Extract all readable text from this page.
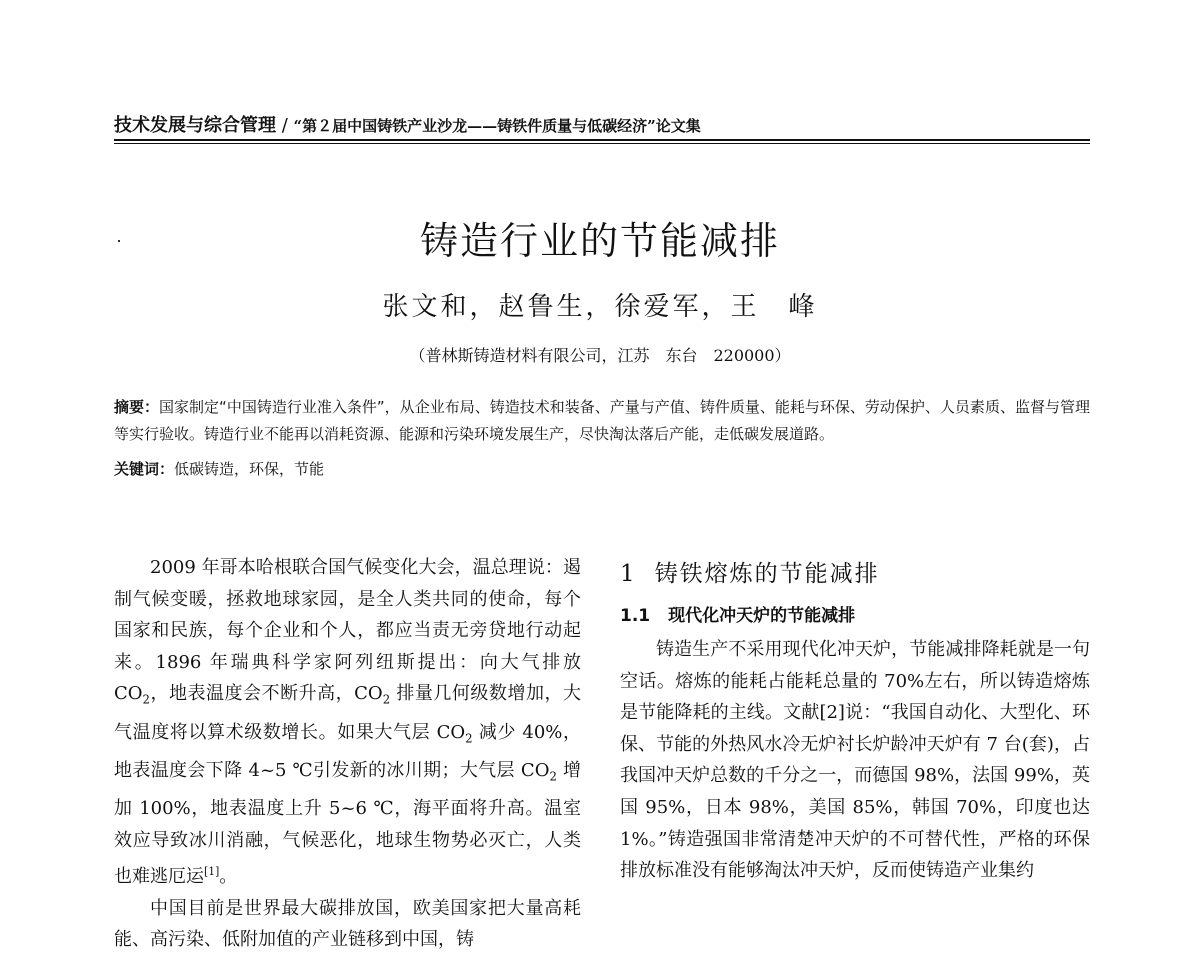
技术发展与综合管理 / “第２届中国铸铁产业沙龙——铸铁件质量与低碳经济”论文集
铸造行业的节能减排
张文和，赵鲁生，徐爱军，王　峰
（普林斯铸造材料有限公司，江苏　东台　220000）
摘要：国家制定“中国铸造行业准入条件”，从企业布局、铸造技术和装备、产量与产值、铸件质量、能耗与环保、劳动保护、人员素质、监督与管理等实行验收。铸造行业不能再以消耗资源、能源和污染环境发展生产，尽快淘汰落后产能，走低碳发展道路。
关键词：低碳铸造，环保，节能

2009 年哥本哈根联合国气候变化大会，温总理说：遏制气候变暖，拯救地球家园，是全人类共同的使命，每个国家和民族，每个企业和个人，都应当责无旁贷地行动起来。1896 年瑞典科学家阿列纽斯提出：向大气排放 $CO_2$，地表温度会不断升高，$CO_2$ 排量几何级数增加，大气温度将以算术级数增长。如果大气层 $CO_2$ 减少 40%，地表温度会下降 4~5 ℃引发新的冰川期；大气层 $CO_2$ 增加 100%，地表温度上升 5~6 ℃，海平面将升高。温室效应导致冰川消融，气候恶化，地球生物势必灭亡，人类也难逃厄运[1]。

中国目前是世界最大碳排放国，欧美国家把大量高耗能、高污染、低附加值的产业链移到中国，铸

1 铸铁熔炼的节能减排
1.1 现代化冲天炉的节能减排

铸造生产不采用现代化冲天炉，节能减排降耗就是一句空话。熔炼的能耗占能耗总量的 70%左右，所以铸造熔炼是节能降耗的主线。文献[2]说：“我国自动化、大型化、环保、节能的外热风水冷无炉衬长炉龄冲天炉有 7 台(套)，占我国冲天炉总数的千分之一，而德国 98%，法国 99%，英国 95%，日本 98%，美国 85%，韩国 70%，印度也达 1%。”铸造强国非常清楚冲天炉的不可替代性，严格的环保排放标准没有能够淘汰冲天炉，反而使铸造产业集约
